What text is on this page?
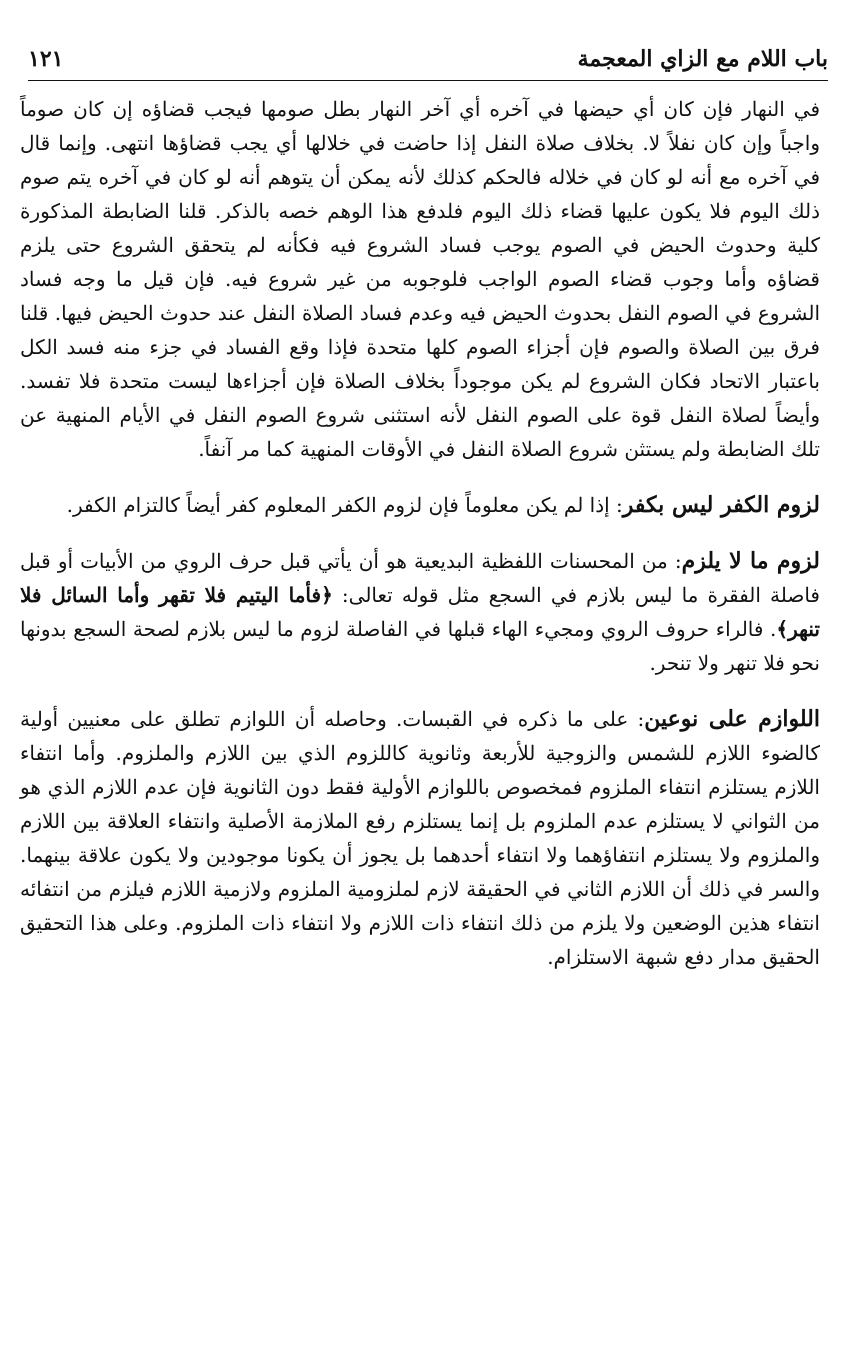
١٢١	باب اللام مع الزاي المعجمة

في النهار فإن كان أي حيضها في آخره أي آخر النهار بطل صومها فيجب قضاؤه إن كان صوماً واجباً وإن كان نفلاً لا. بخلاف صلاة النفل إذا حاضت في خلالها أي يجب قضاؤها انتهى. وإنما قال في آخره مع أنه لو كان في خلاله فالحكم كذلك لأنه يمكن أن يتوهم أنه لو كان في آخره يتم صوم ذلك اليوم فلا يكون عليها قضاء ذلك اليوم فلدفع هذا الوهم خصه بالذكر. قلنا الضابطة المذكورة كلية وحدوث الحيض في الصوم يوجب فساد الشروع فيه فكأنه لم يتحقق الشروع حتى يلزم قضاؤه وأما وجوب قضاء الصوم الواجب فلوجوبه من غير شروع فيه. فإن قيل ما وجه فساد الشروع في الصوم النفل بحدوث الحيض فيه وعدم فساد الصلاة النفل عند حدوث الحيض فيها. قلنا فرق بين الصلاة والصوم فإن أجزاء الصوم كلها متحدة فإذا وقع الفساد في جزء منه فسد الكل باعتبار الاتحاد فكان الشروع لم يكن موجوداً بخلاف الصلاة فإن أجزاءها ليست متحدة فلا تفسد. وأيضاً لصلاة النفل قوة على الصوم النفل لأنه استثنى شروع الصوم النفل في الأيام المنهية عن تلك الضابطة ولم يستثن شروع الصلاة النفل في الأوقات المنهية كما مر آنفاً.

لزوم الكفر ليس بكفر: إذا لم يكن معلوماً فإن لزوم الكفر المعلوم كفر أيضاً كالتزام الكفر.

لزوم ما لا يلزم: من المحسنات اللفظية البديعية هو أن يأتي قبل حرف الروي من الأبيات أو قبل فاصلة الفقرة ما ليس بلازم في السجع مثل قوله تعالى: ﴿فأما اليتيم فلا تقهر وأما السائل فلا تنهر﴾. فالراء حروف الروي ومجيء الهاء قبلها في الفاصلة لزوم ما ليس بلازم لصحة السجع بدونها نحو فلا تنهر ولا تنحر.

اللوازم على نوعين: على ما ذكره في القبسات. وحاصله أن اللوازم تطلق على معنيين أولية كالضوء اللازم للشمس والزوجية للأربعة وثانوية كاللزوم الذي بين اللازم والملزوم. وأما انتفاء اللازم يستلزم انتفاء الملزوم فمخصوص باللوازم الأولية فقط دون الثانوية فإن عدم اللازم الذي هو من الثواني لا يستلزم عدم الملزوم بل إنما يستلزم رفع الملازمة الأصلية وانتفاء العلاقة بين اللازم والملزوم ولا يستلزم انتفاؤهما ولا انتفاء أحدهما بل يجوز أن يكونا موجودين ولا يكون علاقة بينهما. والسر في ذلك أن اللازم الثاني في الحقيقة لازم لملزومية الملزوم ولازمية اللازم فيلزم من انتفائه انتفاء هذين الوضعين ولا يلزم من ذلك انتفاء ذات اللازم ولا انتفاء ذات الملزوم. وعلى هذا التحقيق الحقيق مدار دفع شبهة الاستلزام.
